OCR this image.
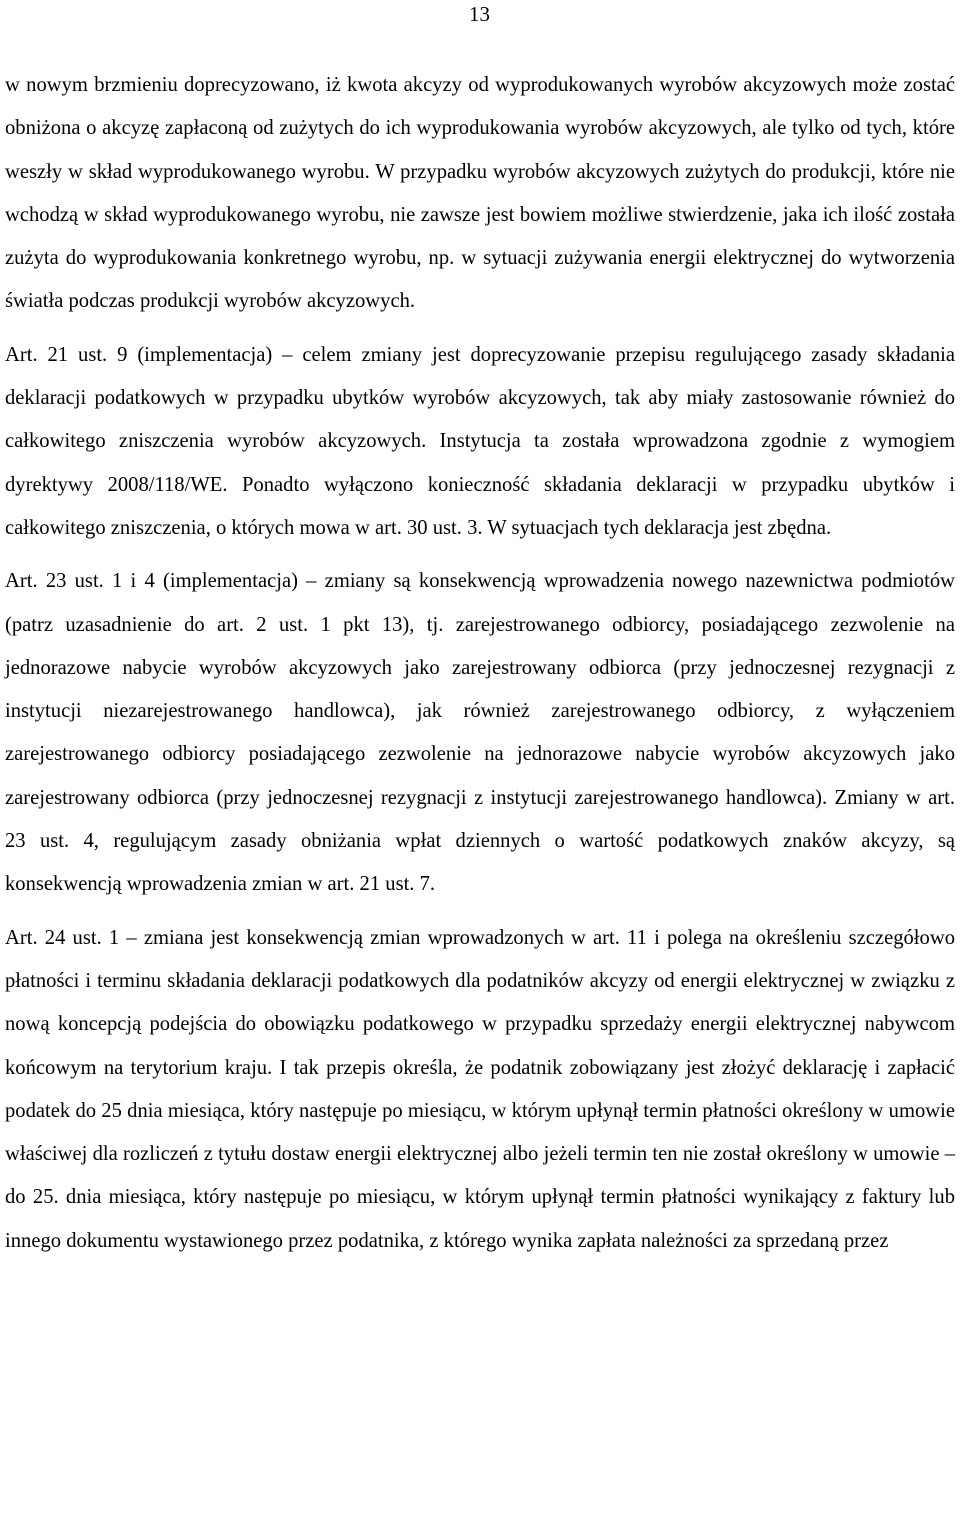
13

w nowym brzmieniu doprecyzowano, iż kwota akcyzy od wyprodukowanych wyrobów akcyzowych może zostać obniżona o akcyzę zapłaconą od zużytych do ich wyprodukowania wyrobów akcyzowych, ale tylko od tych, które weszły w skład wyprodukowanego wyrobu. W przypadku wyrobów akcyzowych zużytych do produkcji, które nie wchodzą w skład wyprodukowanego wyrobu, nie zawsze jest bowiem możliwe stwierdzenie, jaka ich ilość została zużyta do wyprodukowania konkretnego wyrobu, np. w sytuacji zużywania energii elektrycznej do wytworzenia światła podczas produkcji wyrobów akcyzowych.

Art. 21 ust. 9 (implementacja) – celem zmiany jest doprecyzowanie przepisu regulującego zasady składania deklaracji podatkowych w przypadku ubytków wyrobów akcyzowych, tak aby miały zastosowanie również do całkowitego zniszczenia wyrobów akcyzowych. Instytucja ta została wprowadzona zgodnie z wymogiem dyrektywy 2008/118/WE. Ponadto wyłączono konieczność składania deklaracji w przypadku ubytków i całkowitego zniszczenia, o których mowa w art. 30 ust. 3. W sytuacjach tych deklaracja jest zbędna.

Art. 23 ust. 1 i 4 (implementacja) – zmiany są konsekwencją wprowadzenia nowego nazewnictwa podmiotów (patrz uzasadnienie do art. 2 ust. 1 pkt 13), tj. zarejestrowanego odbiorcy, posiadającego zezwolenie na jednorazowe nabycie wyrobów akcyzowych jako zarejestrowany odbiorca (przy jednoczesnej rezygnacji z instytucji niezarejestrowanego handlowca), jak również zarejestrowanego odbiorcy, z wyłączeniem zarejestrowanego odbiorcy posiadającego zezwolenie na jednorazowe nabycie wyrobów akcyzowych jako zarejestrowany odbiorca (przy jednoczesnej rezygnacji z instytucji zarejestrowanego handlowca). Zmiany w art. 23 ust. 4, regulującym zasady obniżania wpłat dziennych o wartość podatkowych znaków akcyzy, są konsekwencją wprowadzenia zmian w art. 21 ust. 7.

Art. 24 ust. 1 – zmiana jest konsekwencją zmian wprowadzonych w art. 11 i polega na określeniu szczegółowo płatności i terminu składania deklaracji podatkowych dla podatników akcyzy od energii elektrycznej w związku z nową koncepcją podejścia do obowiązku podatkowego w przypadku sprzedaży energii elektrycznej nabywcom końcowym na terytorium kraju. I tak przepis określa, że podatnik zobowiązany jest złożyć deklarację i zapłacić podatek do 25 dnia miesiąca, który następuje po miesiącu, w którym upłynął termin płatności określony w umowie właściwej dla rozliczeń z tytułu dostaw energii elektrycznej albo jeżeli termin ten nie został określony w umowie – do 25. dnia miesiąca, który następuje po miesiącu, w którym upłynął termin płatności wynikający z faktury lub innego dokumentu wystawionego przez podatnika, z którego wynika zapłata należności za sprzedaną przez
